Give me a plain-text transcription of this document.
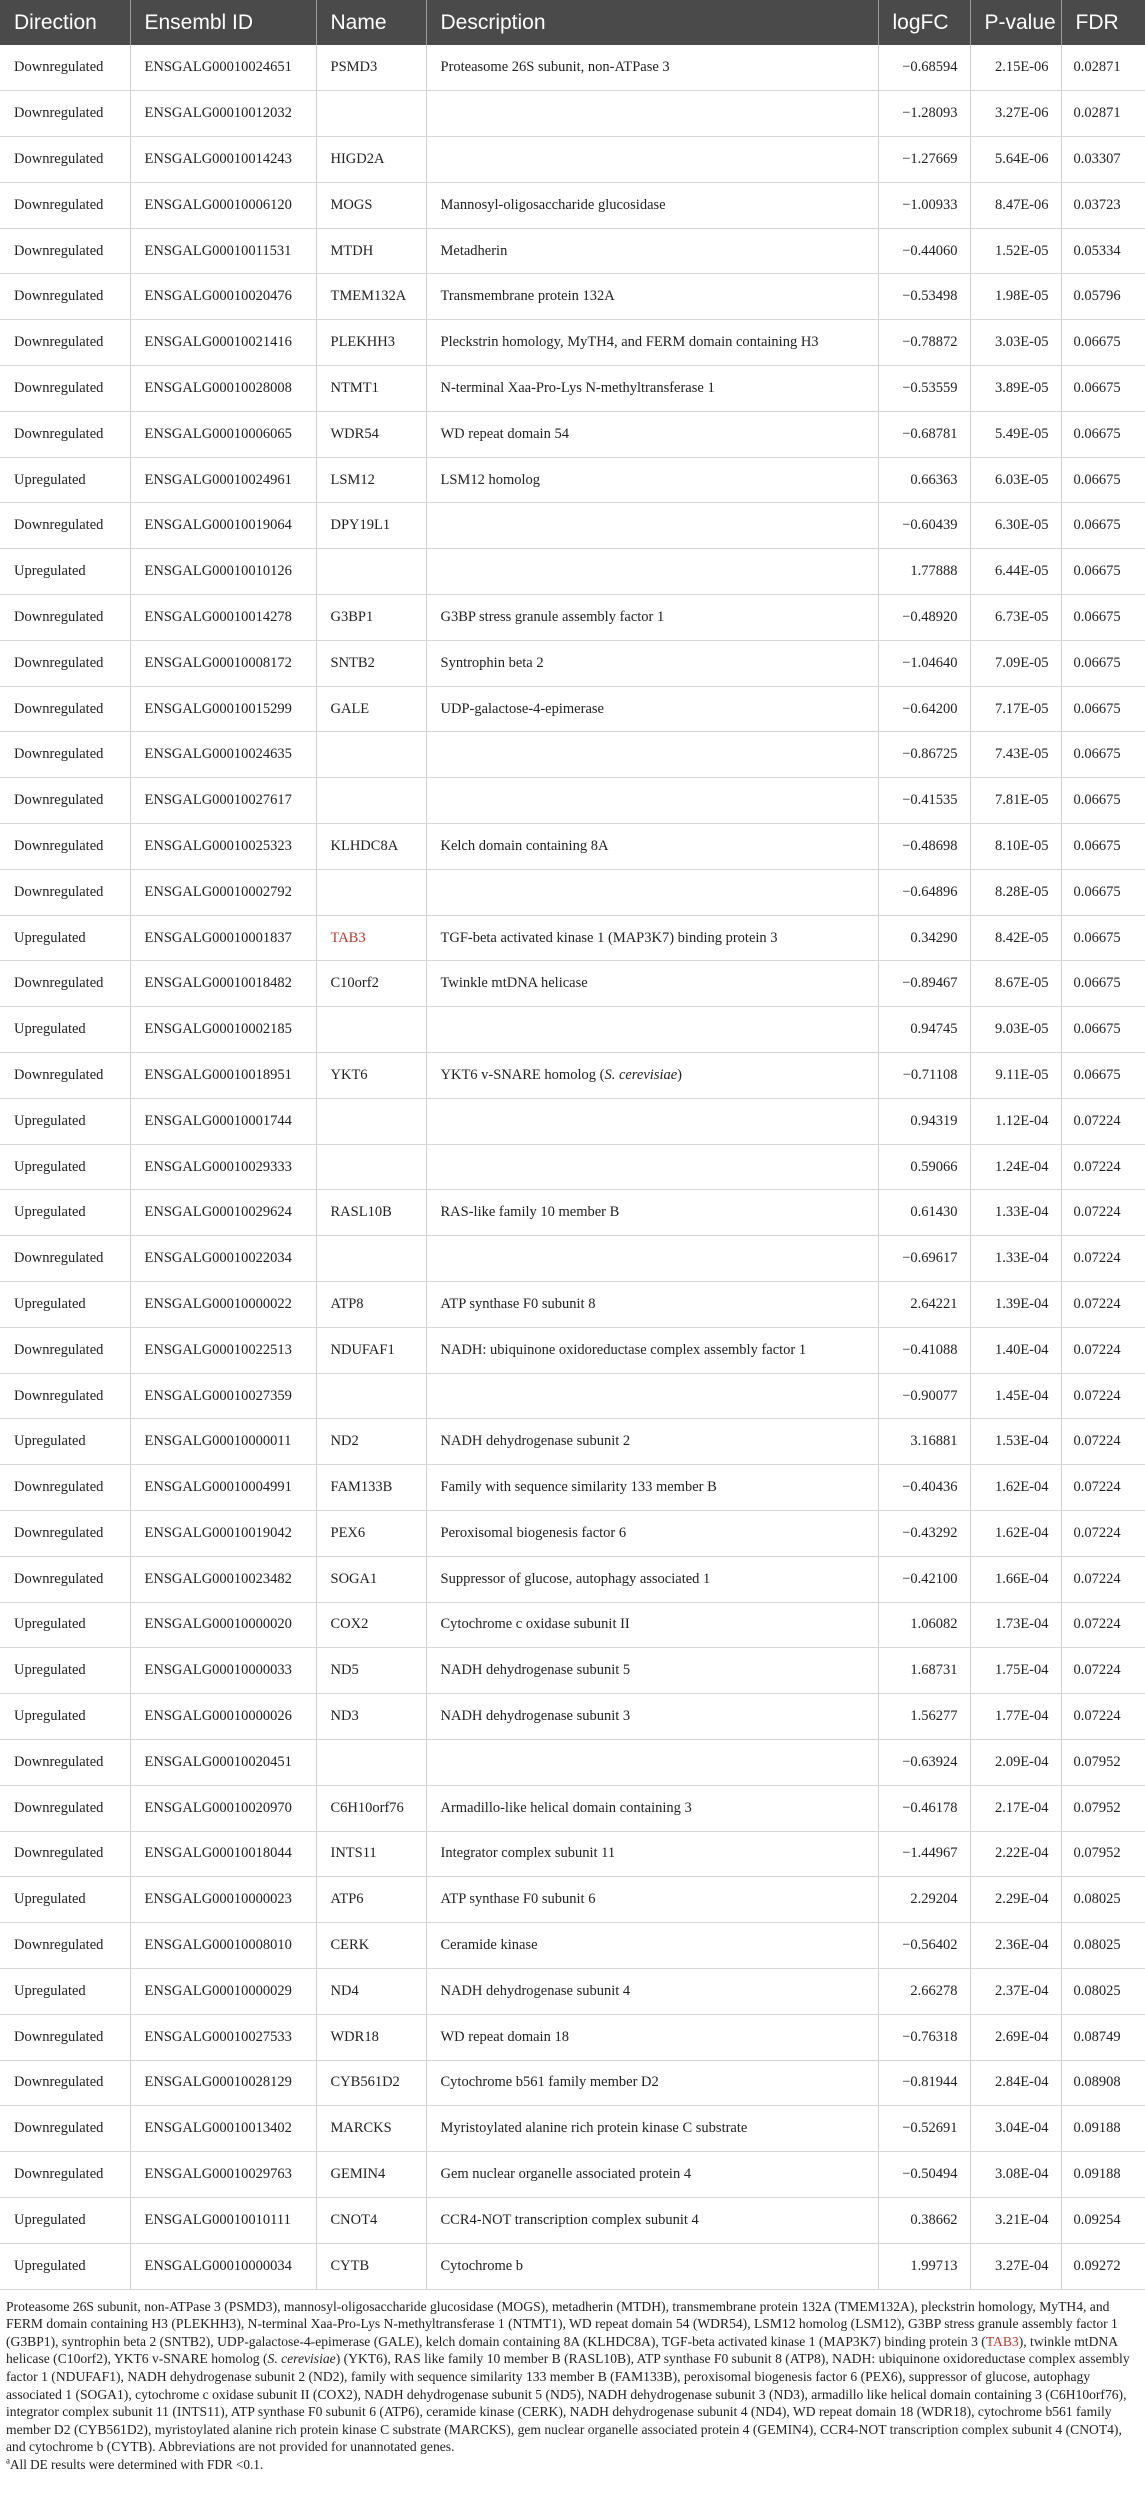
Direction	Ensembl ID	Name	Description	logFC	P-value	FDR
Downregulated	ENSGALG00010024651	PSMD3	Proteasome 26S subunit, non-ATPase 3	−0.68594	2.15E-06	0.02871
Downregulated	ENSGALG00010012032			−1.28093	3.27E-06	0.02871
Downregulated	ENSGALG00010014243	HIGD2A		−1.27669	5.64E-06	0.03307
Downregulated	ENSGALG00010006120	MOGS	Mannosyl-oligosaccharide glucosidase	−1.00933	8.47E-06	0.03723
Downregulated	ENSGALG00010011531	MTDH	Metadherin	−0.44060	1.52E-05	0.05334
Downregulated	ENSGALG00010020476	TMEM132A	Transmembrane protein 132A	−0.53498	1.98E-05	0.05796
Downregulated	ENSGALG00010021416	PLEKHH3	Pleckstrin homology, MyTH4, and FERM domain containing H3	−0.78872	3.03E-05	0.06675
Downregulated	ENSGALG00010028008	NTMT1	N-terminal Xaa-Pro-Lys N-methyltransferase 1	−0.53559	3.89E-05	0.06675
Downregulated	ENSGALG00010006065	WDR54	WD repeat domain 54	−0.68781	5.49E-05	0.06675
Upregulated	ENSGALG00010024961	LSM12	LSM12 homolog	0.66363	6.03E-05	0.06675
Downregulated	ENSGALG00010019064	DPY19L1		−0.60439	6.30E-05	0.06675
Upregulated	ENSGALG00010010126			1.77888	6.44E-05	0.06675
Downregulated	ENSGALG00010014278	G3BP1	G3BP stress granule assembly factor 1	−0.48920	6.73E-05	0.06675
Downregulated	ENSGALG00010008172	SNTB2	Syntrophin beta 2	−1.04640	7.09E-05	0.06675
Downregulated	ENSGALG00010015299	GALE	UDP-galactose-4-epimerase	−0.64200	7.17E-05	0.06675
Downregulated	ENSGALG00010024635			−0.86725	7.43E-05	0.06675
Downregulated	ENSGALG00010027617			−0.41535	7.81E-05	0.06675
Downregulated	ENSGALG00010025323	KLHDC8A	Kelch domain containing 8A	−0.48698	8.10E-05	0.06675
Downregulated	ENSGALG00010002792			−0.64896	8.28E-05	0.06675
Upregulated	ENSGALG00010001837	TAB3	TGF-beta activated kinase 1 (MAP3K7) binding protein 3	0.34290	8.42E-05	0.06675
Downregulated	ENSGALG00010018482	C10orf2	Twinkle mtDNA helicase	−0.89467	8.67E-05	0.06675
Upregulated	ENSGALG00010002185			0.94745	9.03E-05	0.06675
Downregulated	ENSGALG00010018951	YKT6	YKT6 v-SNARE homolog (S. cerevisiae)	−0.71108	9.11E-05	0.06675
Upregulated	ENSGALG00010001744			0.94319	1.12E-04	0.07224
Upregulated	ENSGALG00010029333			0.59066	1.24E-04	0.07224
Upregulated	ENSGALG00010029624	RASL10B	RAS-like family 10 member B	0.61430	1.33E-04	0.07224
Downregulated	ENSGALG00010022034			−0.69617	1.33E-04	0.07224
Upregulated	ENSGALG00010000022	ATP8	ATP synthase F0 subunit 8	2.64221	1.39E-04	0.07224
Downregulated	ENSGALG00010022513	NDUFAF1	NADH: ubiquinone oxidoreductase complex assembly factor 1	−0.41088	1.40E-04	0.07224
Downregulated	ENSGALG00010027359			−0.90077	1.45E-04	0.07224
Upregulated	ENSGALG00010000011	ND2	NADH dehydrogenase subunit 2	3.16881	1.53E-04	0.07224
Downregulated	ENSGALG00010004991	FAM133B	Family with sequence similarity 133 member B	−0.40436	1.62E-04	0.07224
Downregulated	ENSGALG00010019042	PEX6	Peroxisomal biogenesis factor 6	−0.43292	1.62E-04	0.07224
Downregulated	ENSGALG00010023482	SOGA1	Suppressor of glucose, autophagy associated 1	−0.42100	1.66E-04	0.07224
Upregulated	ENSGALG00010000020	COX2	Cytochrome c oxidase subunit II	1.06082	1.73E-04	0.07224
Upregulated	ENSGALG00010000033	ND5	NADH dehydrogenase subunit 5	1.68731	1.75E-04	0.07224
Upregulated	ENSGALG00010000026	ND3	NADH dehydrogenase subunit 3	1.56277	1.77E-04	0.07224
Downregulated	ENSGALG00010020451			−0.63924	2.09E-04	0.07952
Downregulated	ENSGALG00010020970	C6H10orf76	Armadillo-like helical domain containing 3	−0.46178	2.17E-04	0.07952
Downregulated	ENSGALG00010018044	INTS11	Integrator complex subunit 11	−1.44967	2.22E-04	0.07952
Upregulated	ENSGALG00010000023	ATP6	ATP synthase F0 subunit 6	2.29204	2.29E-04	0.08025
Downregulated	ENSGALG00010008010	CERK	Ceramide kinase	−0.56402	2.36E-04	0.08025
Upregulated	ENSGALG00010000029	ND4	NADH dehydrogenase subunit 4	2.66278	2.37E-04	0.08025
Downregulated	ENSGALG00010027533	WDR18	WD repeat domain 18	−0.76318	2.69E-04	0.08749
Downregulated	ENSGALG00010028129	CYB561D2	Cytochrome b561 family member D2	−0.81944	2.84E-04	0.08908
Downregulated	ENSGALG00010013402	MARCKS	Myristoylated alanine rich protein kinase C substrate	−0.52691	3.04E-04	0.09188
Downregulated	ENSGALG00010029763	GEMIN4	Gem nuclear organelle associated protein 4	−0.50494	3.08E-04	0.09188
Upregulated	ENSGALG00010010111	CNOT4	CCR4-NOT transcription complex subunit 4	0.38662	3.21E-04	0.09254
Upregulated	ENSGALG00010000034	CYTB	Cytochrome b	1.99713	3.27E-04	0.09272

Proteasome 26S subunit, non-ATPase 3 (PSMD3), mannosyl-oligosaccharide glucosidase (MOGS), metadherin (MTDH), transmembrane protein 132A (TMEM132A), pleckstrin homology, MyTH4, and FERM domain containing H3 (PLEKHH3), N-terminal Xaa-Pro-Lys N-methyltransferase 1 (NTMT1), WD repeat domain 54 (WDR54), LSM12 homolog (LSM12), G3BP stress granule assembly factor 1 (G3BP1), syntrophin beta 2 (SNTB2), UDP-galactose-4-epimerase (GALE), kelch domain containing 8A (KLHDC8A), TGF-beta activated kinase 1 (MAP3K7) binding protein 3 (TAB3), twinkle mtDNA helicase (C10orf2), YKT6 v-SNARE homolog (S. cerevisiae) (YKT6), RAS like family 10 member B (RASL10B), ATP synthase F0 subunit 8 (ATP8), NADH: ubiquinone oxidoreductase complex assembly factor 1 (NDUFAF1), NADH dehydrogenase subunit 2 (ND2), family with sequence similarity 133 member B (FAM133B), peroxisomal biogenesis factor 6 (PEX6), suppressor of glucose, autophagy associated 1 (SOGA1), cytochrome c oxidase subunit II (COX2), NADH dehydrogenase subunit 5 (ND5), NADH dehydrogenase subunit 3 (ND3), armadillo like helical domain containing 3 (C6H10orf76), integrator complex subunit 11 (INTS11), ATP synthase F0 subunit 6 (ATP6), ceramide kinase (CERK), NADH dehydrogenase subunit 4 (ND4), WD repeat domain 18 (WDR18), cytochrome b561 family member D2 (CYB561D2), myristoylated alanine rich protein kinase C substrate (MARCKS), gem nuclear organelle associated protein 4 (GEMIN4), CCR4-NOT transcription complex subunit 4 (CNOT4), and cytochrome b (CYTB). Abbreviations are not provided for unannotated genes.

$^a$All DE results were determined with FDR <0.1.
